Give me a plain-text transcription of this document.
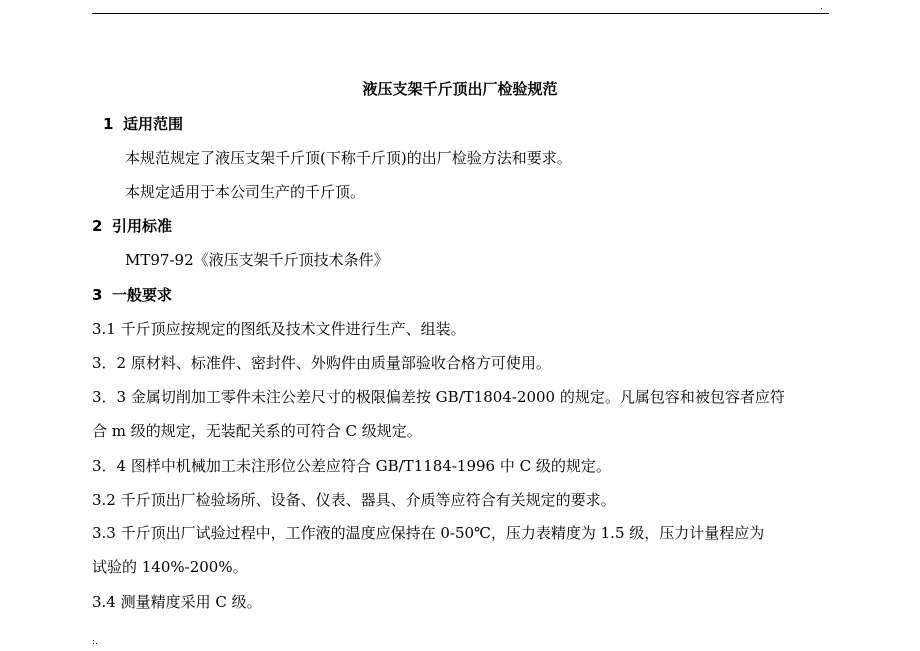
.
液压支架千斤顶出厂检验规范
1 适用范围
本规范规定了液压支架千斤顶(下称千斤顶)的出厂检验方法和要求。
本规定适用于本公司生产的千斤顶。
2 引用标准
MT97-92《液压支架千斤顶技术条件》
3 一般要求
3.1 千斤顶应按规定的图纸及技术文件进行生产、组装。
3．2 原材料、标准件、密封件、外购件由质量部验收合格方可使用。
3．3 金属切削加工零件未注公差尺寸的极限偏差按 GB/T1804-2000 的规定。凡属包容和被包容者应符
合 m 级的规定，无装配关系的可符合 C 级规定。
3．4 图样中机械加工未注形位公差应符合 GB/T1184-1996 中 C 级的规定。
3.2 千斤顶出厂检验场所、设备、仪表、器具、介质等应符合有关规定的要求。
3.3 千斤顶出厂试验过程中，工作液的温度应保持在 0-50℃，压力表精度为 1.5 级，压力计量程应为
试验的 140%-200%。
3.4 测量精度采用 C 级。
:.
